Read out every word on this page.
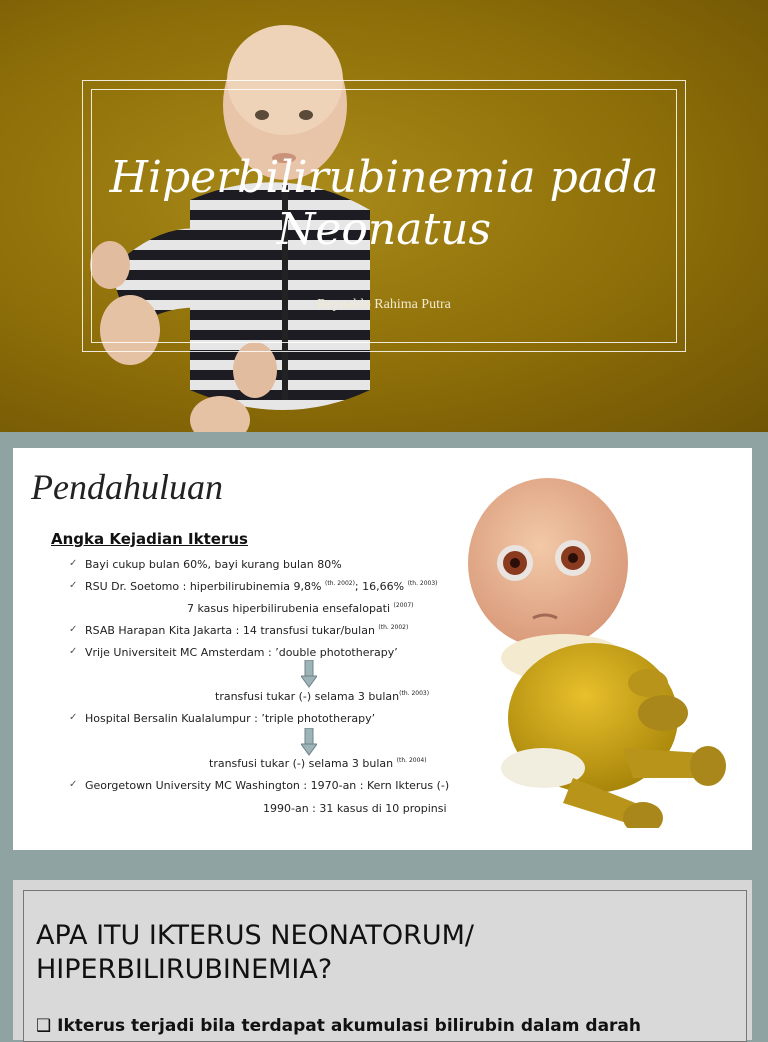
Hiperbilirubinemia pada
Neonatus
Reynaldo Rahima Putra
Pendahuluan
Angka Kejadian Ikterus
✓ Bayi cukup bulan 60%, bayi kurang bulan 80%
✓ RSU Dr. Soetomo : hiperbilirubinemia 9,8% $^{(th. 2002)}$; 16,66% $^{(th. 2003)}$
7 kasus hiperbilirubenia ensefalopati $^{(2007)}$
✓ RSAB Harapan Kita Jakarta : 14 transfusi tukar/bulan $^{(th. 2002)}$
✓ Vrije Universiteit MC Amsterdam : ’double phototherapy’
transfusi tukar (-) selama 3 bulan$^{(th. 2003)}$
✓ Hospital Bersalin Kualalumpur : ’triple phototherapy’
transfusi tukar (-) selama 3 bulan $^{(th. 2004)}$
✓ Georgetown University MC Washington : 1970-an : Kern Ikterus (-)
1990-an : 31 kasus di 10 propinsi
APA ITU IKTERUS NEONATORUM/
HIPERBILIRUBINEMIA?
❑ Ikterus terjadi bila terdapat akumulasi bilirubin dalam darah
